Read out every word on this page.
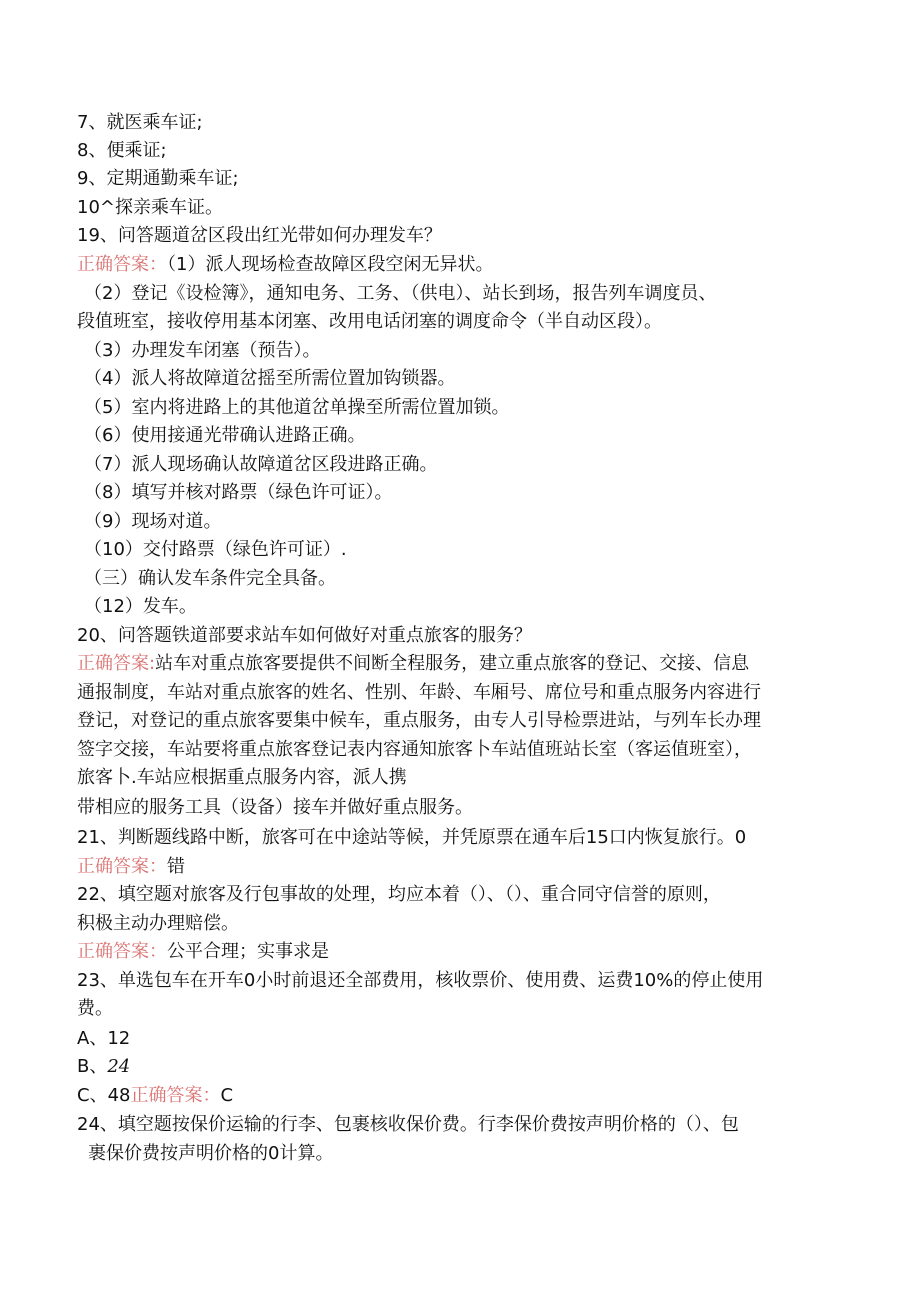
7、就医乘车证;

8、便乘证;

9、定期通勤乘车证;

10^探亲乘车证。

19、问答题道岔区段出红光带如何办理发车？

正确答案：（1）派人现场检查故障区段空闲无异状。

（2）登记《设检簿》，通知电务、工务、（供电）、站长到场，报告列车调度员、

段值班室，接收停用基本闭塞、改用电话闭塞的调度命令（半自动区段）。

（3）办理发车闭塞（预告）。

（4）派人将故障道岔摇至所需位置加钩锁器。

（5）室内将进路上的其他道岔单操至所需位置加锁。

（6）使用接通光带确认进路正确。

（7）派人现场确认故障道岔区段进路正确。

（8）填写并核对路票（绿色许可证）。

（9）现场对道。

（10）交付路票（绿色许可证）.

（三）确认发车条件完全具备。

（12）发车。

20、问答题铁道部要求站车如何做好对重点旅客的服务？

正确答案:站车对重点旅客要提供不间断全程服务，建立重点旅客的登记、交接、信息

通报制度，车站对重点旅客的姓名、性别、年龄、车厢号、席位号和重点服务内容进行

登记，对登记的重点旅客要集中候车，重点服务，由专人引导检票进站，与列车长办理

签字交接，车站要将重点旅客登记表内容通知旅客卜车站值班站长室（客运值班室），

旅客卜.车站应根据重点服务内容，派人携

带相应的服务工具（设备）接车并做好重点服务。

21、判断题线路中断，旅客可在中途站等候，并凭原票在通车后15口内恢复旅行。0

正确答案：错

22、填空题对旅客及行包事故的处理，均应本着（）、（）、重合同守信誉的原则，

积极主动办理赔偿。

正确答案：公平合理；实事求是

23、单选包车在开车0小时前退还全部费用，核收票价、使用费、运费10%的停止使用

费。

A、12

B、24

C、48正确答案：C

24、填空题按保价运输的行李、包裹核收保价费。行李保价费按声明价格的（）、包

裹保价费按声明价格的0计算。
